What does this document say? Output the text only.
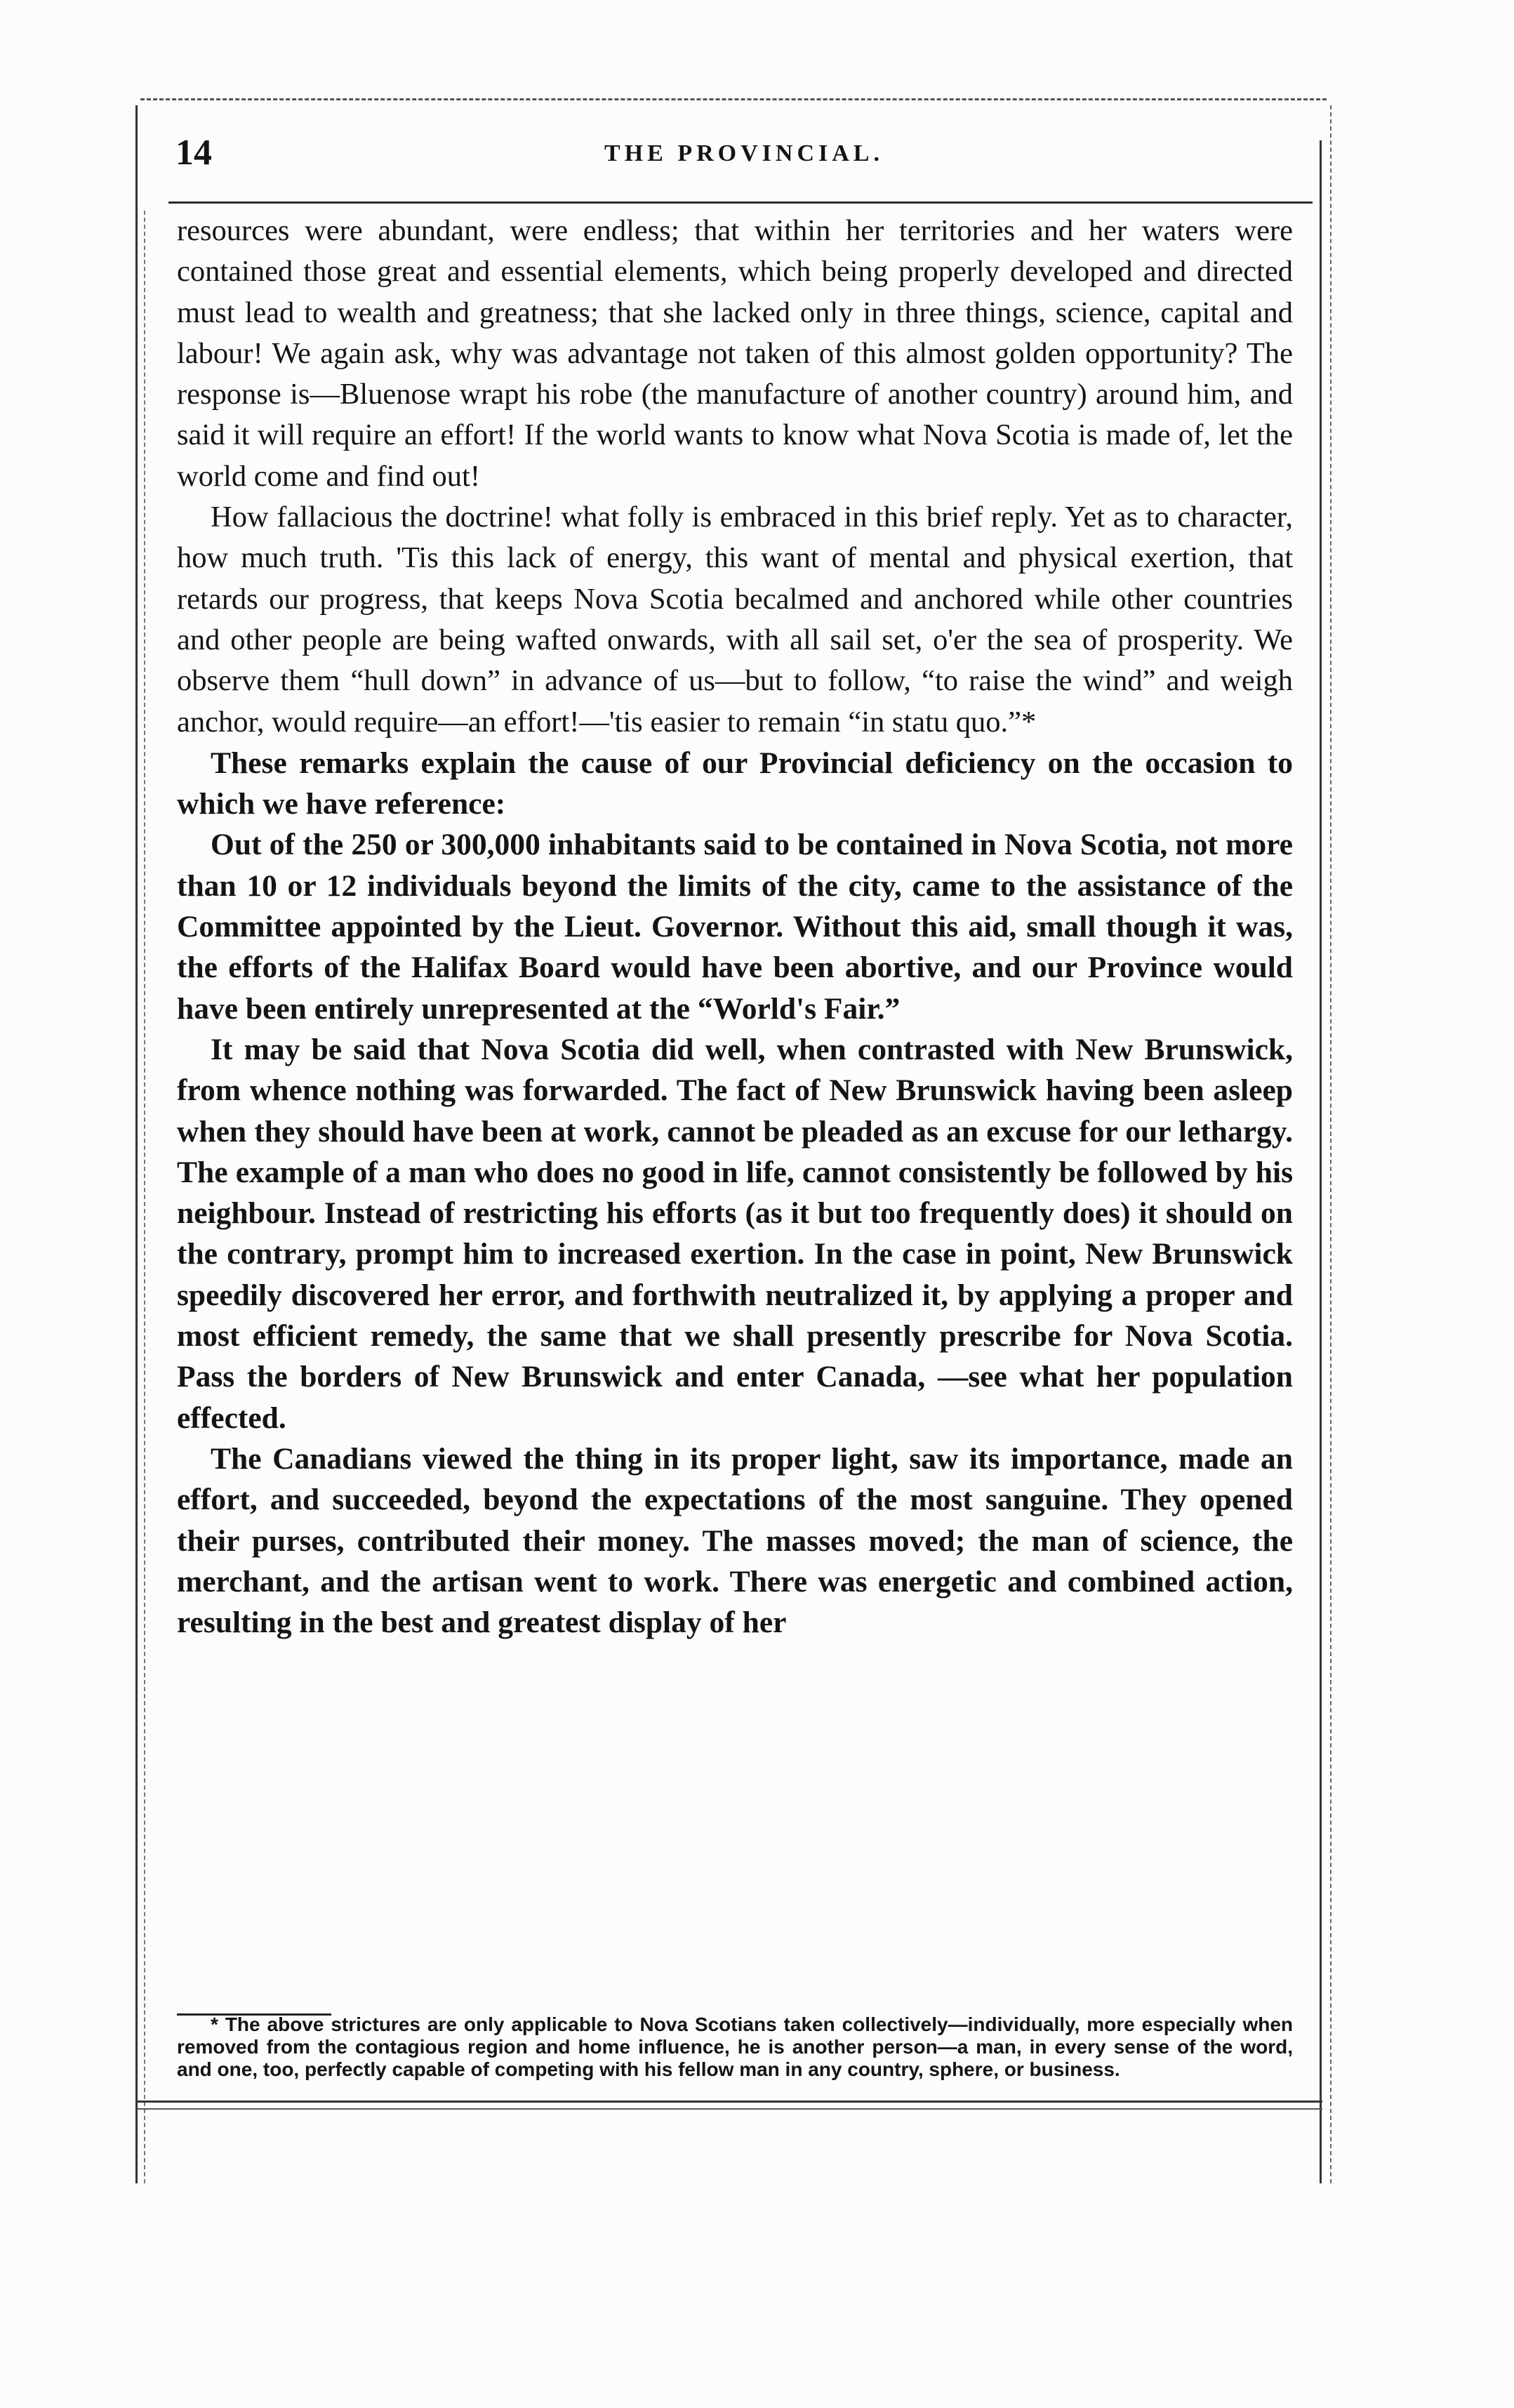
14	THE PROVINCIAL.

resources were abundant, were endless; that within her territories and her waters were contained those great and essential elements, which being properly developed and directed must lead to wealth and greatness; that she lacked only in three things, science, capital and labour! We again ask, why was advantage not taken of this almost golden opportunity? The response is—Bluenose wrapt his robe (the manufacture of another country) around him, and said it will require an effort! If the world wants to know what Nova Scotia is made of, let the world come and find out!

How fallacious the doctrine! what folly is embraced in this brief reply. Yet as to character, how much truth. 'Tis this lack of energy, this want of mental and physical exertion, that retards our progress, that keeps Nova Scotia becalmed and anchored while other countries and other people are being wafted onwards, with all sail set, o'er the sea of prosperity. We observe them “hull down” in advance of us—but to follow, “to raise the wind” and weigh anchor, would require—an effort!—'tis easier to remain “in statu quo.”*

These remarks explain the cause of our Provincial deficiency on the occasion to which we have reference:

Out of the 250 or 300,000 inhabitants said to be contained in Nova Scotia, not more than 10 or 12 individuals beyond the limits of the city, came to the assistance of the Committee appointed by the Lieut. Governor. Without this aid, small though it was, the efforts of the Halifax Board would have been abortive, and our Province would have been entirely unrepresented at the “World's Fair.”

It may be said that Nova Scotia did well, when contrasted with New Brunswick, from whence nothing was forwarded. The fact of New Brunswick having been asleep when they should have been at work, cannot be pleaded as an excuse for our lethargy. The example of a man who does no good in life, cannot consistently be followed by his neighbour. Instead of restricting his efforts (as it but too frequently does) it should on the contrary, prompt him to increased exertion. In the case in point, New Brunswick speedily discovered her error, and forthwith neutralized it, by applying a proper and most efficient remedy, the same that we shall presently prescribe for Nova Scotia. Pass the borders of New Brunswick and enter Canada, —see what her population effected.

The Canadians viewed the thing in its proper light, saw its importance, made an effort, and succeeded, beyond the expectations of the most sanguine. They opened their purses, contributed their money. The masses moved; the man of science, the merchant, and the artisan went to work. There was energetic and combined action, resulting in the best and greatest display of her

* The above strictures are only applicable to Nova Scotians taken collectively—individually, more especially when removed from the contagious region and home influence, he is another person—a man, in every sense of the word, and one, too, perfectly capable of competing with his fellow man in any country, sphere, or business.
